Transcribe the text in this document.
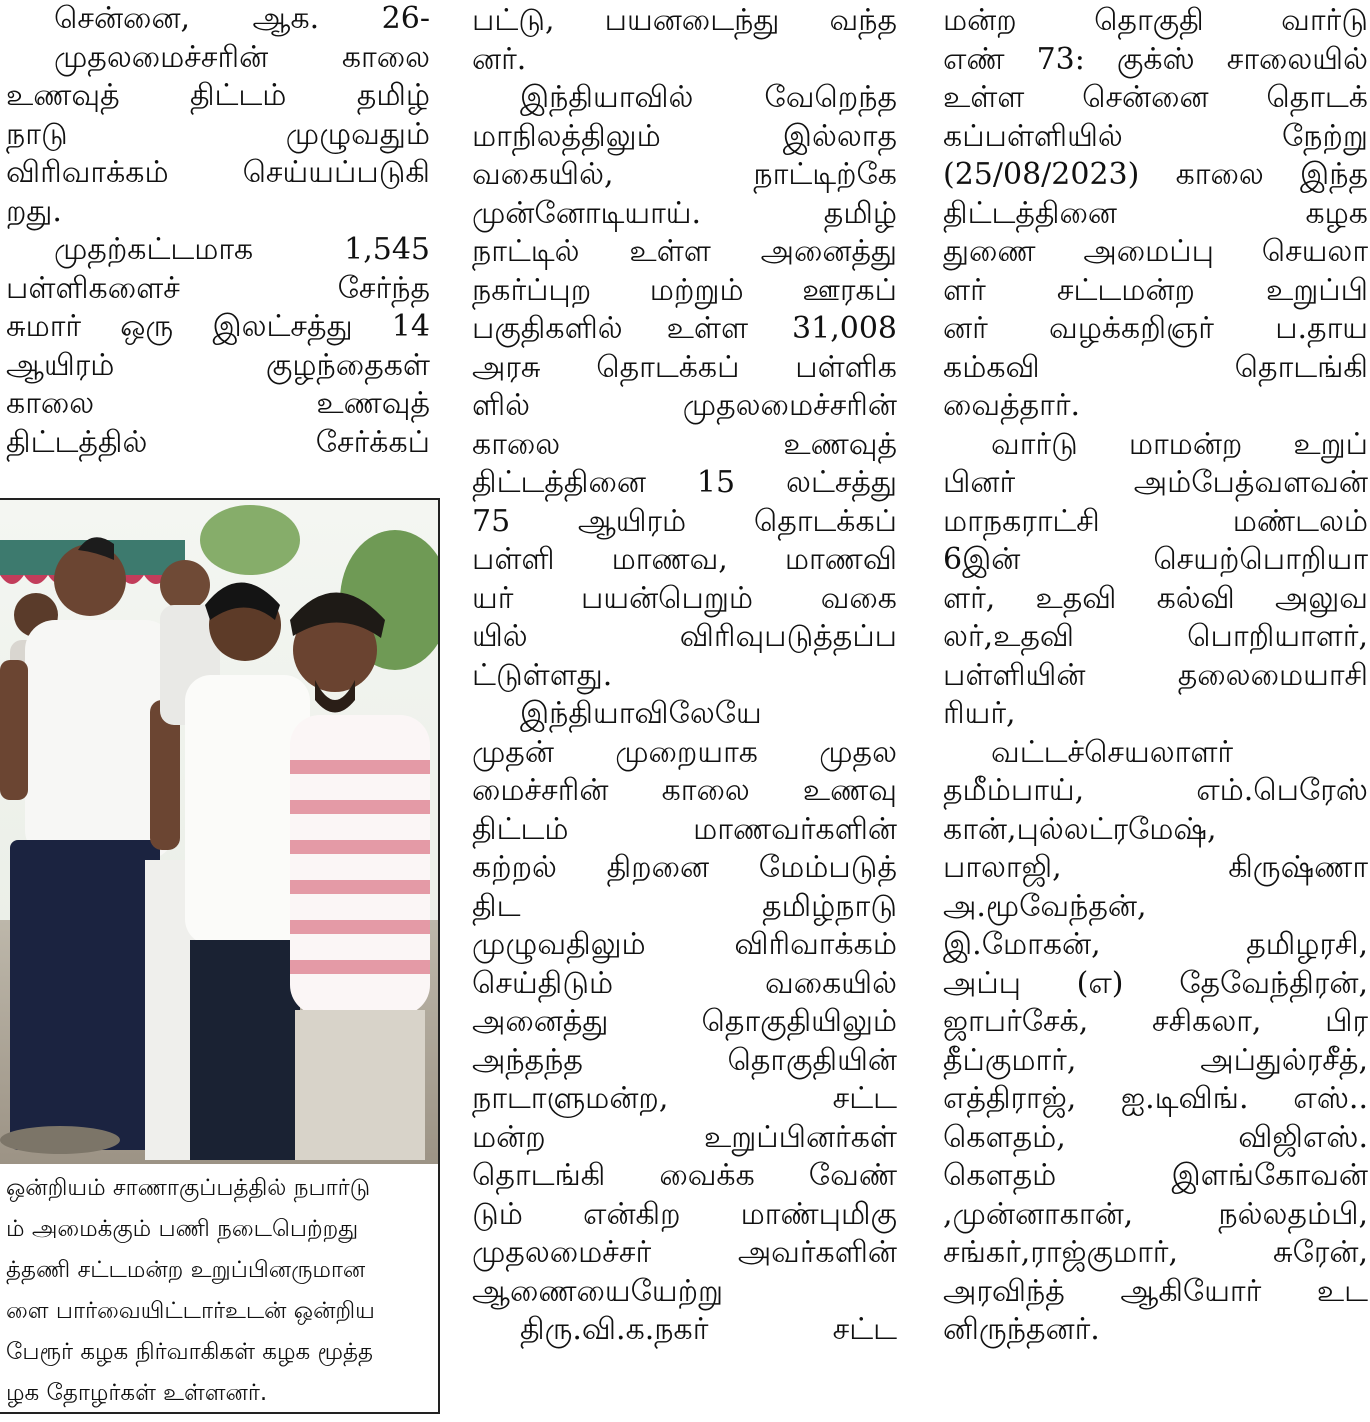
சென்னை, ஆக. 26-
முதலமைச்சரின் காலை
உணவுத் திட்டம் தமிழ்
நாடு முழுவதும்
விரிவாக்கம் செய்யப்படுகி
றது.
முதற்கட்டமாக 1,545
பள்ளிகளைச் சேர்ந்த
சுமார் ஒரு இலட்சத்து 14
ஆயிரம் குழந்தைகள்
காலை உணவுத்
திட்டத்தில் சேர்க்கப்
ஒன்றியம் சாணாகுப்பத்தில் நபார்டு
ம் அமைக்கும் பணி நடைபெற்றது
த்தணி சட்டமன்ற உறுப்பினருமான
ளை பார்வையிட்டார்உடன் ஒன்றிய
பேரூர் கழக நிர்வாகிகள் கழக மூத்த
ழக தோழர்கள் உள்ளனர்.
பட்டு, பயனடைந்து வந்த
னர்.
இந்தியாவில் வேறெந்த
மாநிலத்திலும் இல்லாத
வகையில், நாட்டிற்கே
முன்னோடியாய். தமிழ்
நாட்டில் உள்ள அனைத்து
நகர்ப்புற மற்றும் ஊரகப்
பகுதிகளில் உள்ள 31,008
அரசு தொடக்கப் பள்ளிக
ளில் முதலமைச்சரின்
காலை உணவுத்
திட்டத்தினை 15 லட்சத்து
75 ஆயிரம் தொடக்கப்
பள்ளி மாணவ, மாணவி
யர் பயன்பெறும் வகை
யில் விரிவுபடுத்தப்ப
ட்டுள்ளது.
இந்தியாவிலேயே
முதன் முறையாக முதல
மைச்சரின் காலை உணவு
திட்டம் மாணவர்களின்
கற்றல் திறனை மேம்படுத்
திட தமிழ்நாடு
முழுவதிலும் விரிவாக்கம்
செய்திடும் வகையில்
அனைத்து தொகுதியிலும்
அந்தந்த தொகுதியின்
நாடாளுமன்ற, சட்ட
மன்ற உறுப்பினர்கள்
தொடங்கி வைக்க வேண்
டும் என்கிற மாண்புமிகு
முதலமைச்சர் அவர்களின்
ஆணையையேற்று
திரு.வி.க.நகர் சட்ட
மன்ற தொகுதி வார்டு
எண் 73: குக்ஸ் சாலையில்
உள்ள சென்னை தொடக்
கப்பள்ளியில் நேற்று
(25/08/2023) காலை இந்த
திட்டத்தினை கழக
துணை அமைப்பு செயலா
ளர் சட்டமன்ற உறுப்பி
னர் வழக்கறிஞர் ப.தாய
கம்கவி தொடங்கி
வைத்தார்.
வார்டு மாமன்ற உறுப்
பினர் அம்பேத்வளவன்
மாநகராட்சி மண்டலம்
6இன் செயற்பொறியா
ளர், உதவி கல்வி அலுவ
லர்,உதவி பொறியாளர்,
பள்ளியின் தலைமையாசி
ரியர்,
வட்டச்செயலாளர்
தமீம்பாய், எம்.பெரேஸ்
கான்,புல்லட்ரமேஷ்,
பாலாஜி, கிருஷ்ணா
அ.மூவேந்தன்,
இ.மோகன், தமிழரசி,
அப்பு (எ) தேவேந்திரன்,
ஜாபர்சேக், சசிகலா, பிர
தீப்குமார், அப்துல்ரசீத்,
எத்திராஜ், ஐ.டிவிங். எஸ்..
கௌதம், விஜிஎஸ்.
கௌதம் இளங்கோவன்
,முன்னாகான், நல்லதம்பி,
சங்கர்,ராஜ்குமார், சுரேன்,
அரவிந்த் ஆகியோர் உட
னிருந்தனர்.
